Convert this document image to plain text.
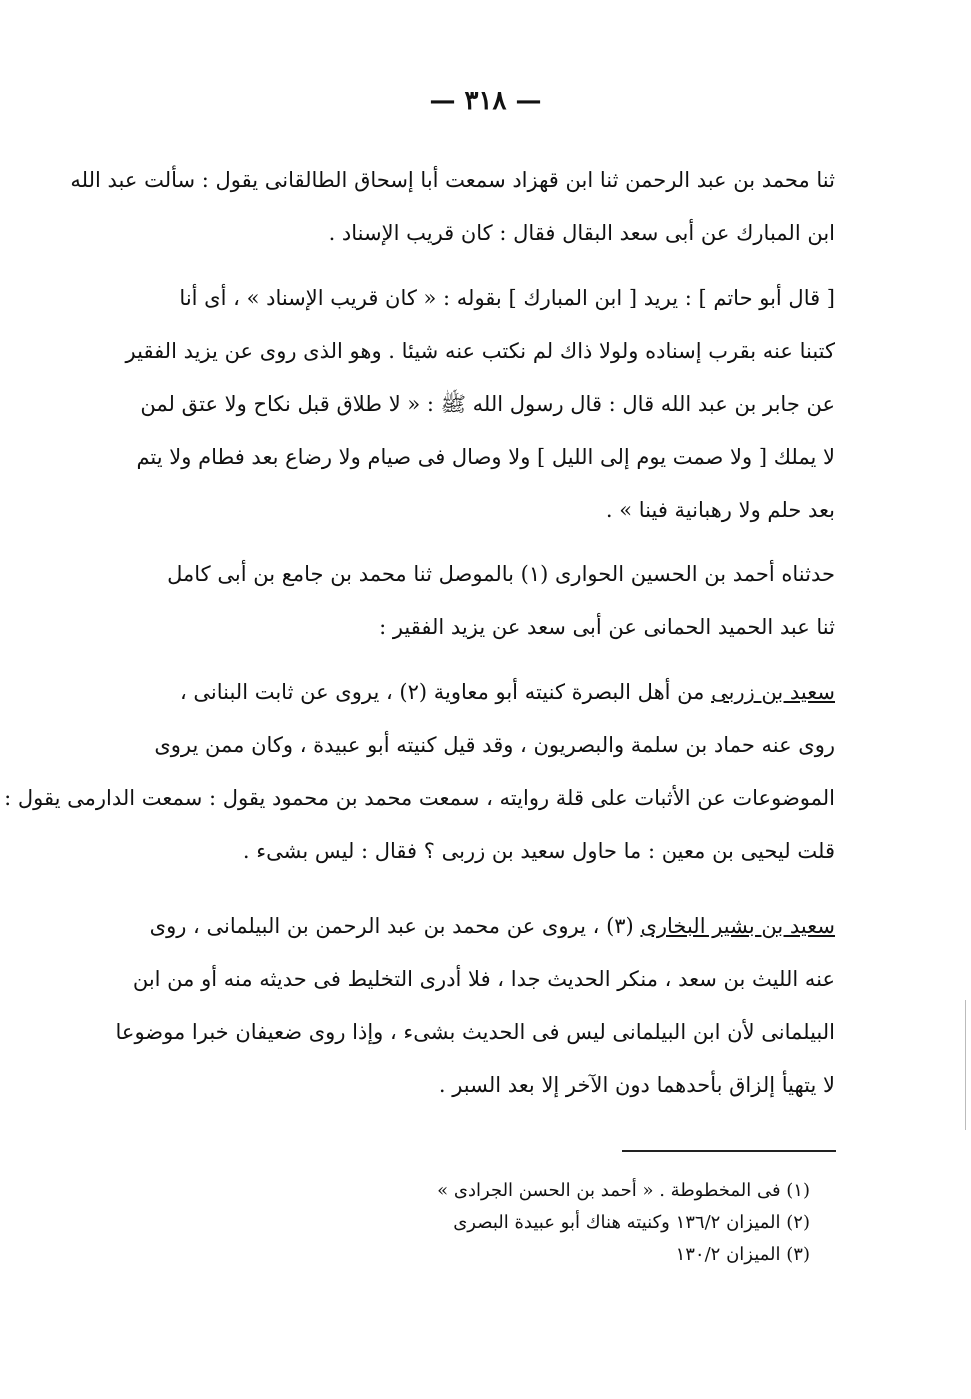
— ٣١٨ —
ثنا محمد بن عبد الرحمن ثنا ابن قهزاد سمعت أبا إسحاق الطالقانى يقول : سألت عبد الله
ابن المبارك عن أبى سعد البقال فقال : كان قريب الإسناد .
[ قال أبو حاتم ] : يريد [ ابن المبارك ] بقوله : « كان قريب الإسناد » ، أى أنا
كتبنا عنه بقرب إسناده ولولا ذاك لم نكتب عنه شيئا . وهو الذى روى عن يزيد الفقير
عن جابر بن عبد الله قال : قال رسول الله ﷺ : « لا طلاق قبل نكاح ولا عتق لمن
لا يملك [ ولا صمت يوم إلى الليل ] ولا وصال فى صيام ولا رضاع بعد فطام ولا يتم
بعد حلم ولا رهبانية فينا » .
حدثناه أحمد بن الحسين الحوارى (١) بالموصل ثنا محمد بن جامع بن أبى كامل
ثنا عبد الحميد الحمانى عن أبى سعد عن يزيد الفقير :
سعيد بن زربى من أهل البصرة كنيته أبو معاوية (٢) ، يروى عن ثابت البنانى ،
روى عنه حماد بن سلمة والبصريون ، وقد قيل كنيته أبو عبيدة ، وكان ممن يروى
الموضوعات عن الأثبات على قلة روايته ، سمعت محمد بن محمود يقول : سمعت الدارمى يقول :
قلت ليحيى بن معين : ما حاول سعيد بن زربى ؟ فقال : ليس بشىء .
سعيد بن بشير البخارى (٣) ، يروى عن محمد بن عبد الرحمن بن البيلمانى ، روى
عنه الليث بن سعد ، منكر الحديث جدا ، فلا أدرى التخليط فى حديثه منه أو من ابن
البيلمانى لأن ابن البيلمانى ليس فى الحديث بشىء ، وإذا روى ضعيفان خبرا موضوعا
لا يتهيأ إلزاق بأحدهما دون الآخر إلا بعد السبر .
(١) فى المخطوطة . « أحمد بن الحسن الجرادى »
(٢) الميزان ١٣٦/٢ وكنيته هناك أبو عبيدة البصرى
(٣) الميزان ١٣٠/٢
